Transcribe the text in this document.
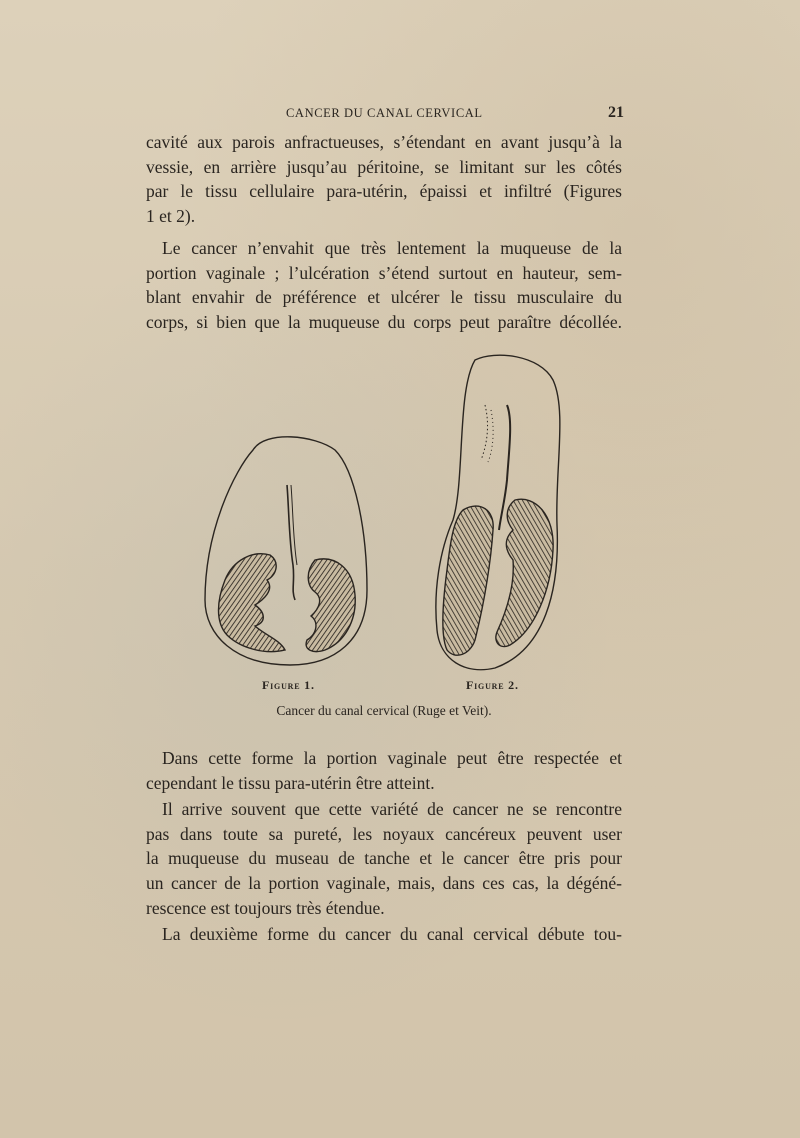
CANCER DU CANAL CERVICAL	21
cavité aux parois anfractueuses, s’étendant en avant jusqu’à la
vessie, en arrière jusqu’au péritoine, se limitant sur les côtés
par le tissu cellulaire para-utérin, épaissi et infiltré (Figures
1 et 2).
Le cancer n’envahit que très lentement la muqueuse de la
portion vaginale ; l’ulcération s’étend surtout en hauteur, sem-
blant envahir de préférence et ulcérer le tissu musculaire du
corps, si bien que la muqueuse du corps peut paraître décollée.
Figure 1.	Figure 2.
Cancer du canal cervical (Ruge et Veit).
Dans cette forme la portion vaginale peut être respectée et
cependant le tissu para-utérin être atteint.
Il arrive souvent que cette variété de cancer ne se rencontre
pas dans toute sa pureté, les noyaux cancéreux peuvent user
la muqueuse du museau de tanche et le cancer être pris pour
un cancer de la portion vaginale, mais, dans ces cas, la dégéné-
rescence est toujours très étendue.
La deuxième forme du cancer du canal cervical débute tou-
